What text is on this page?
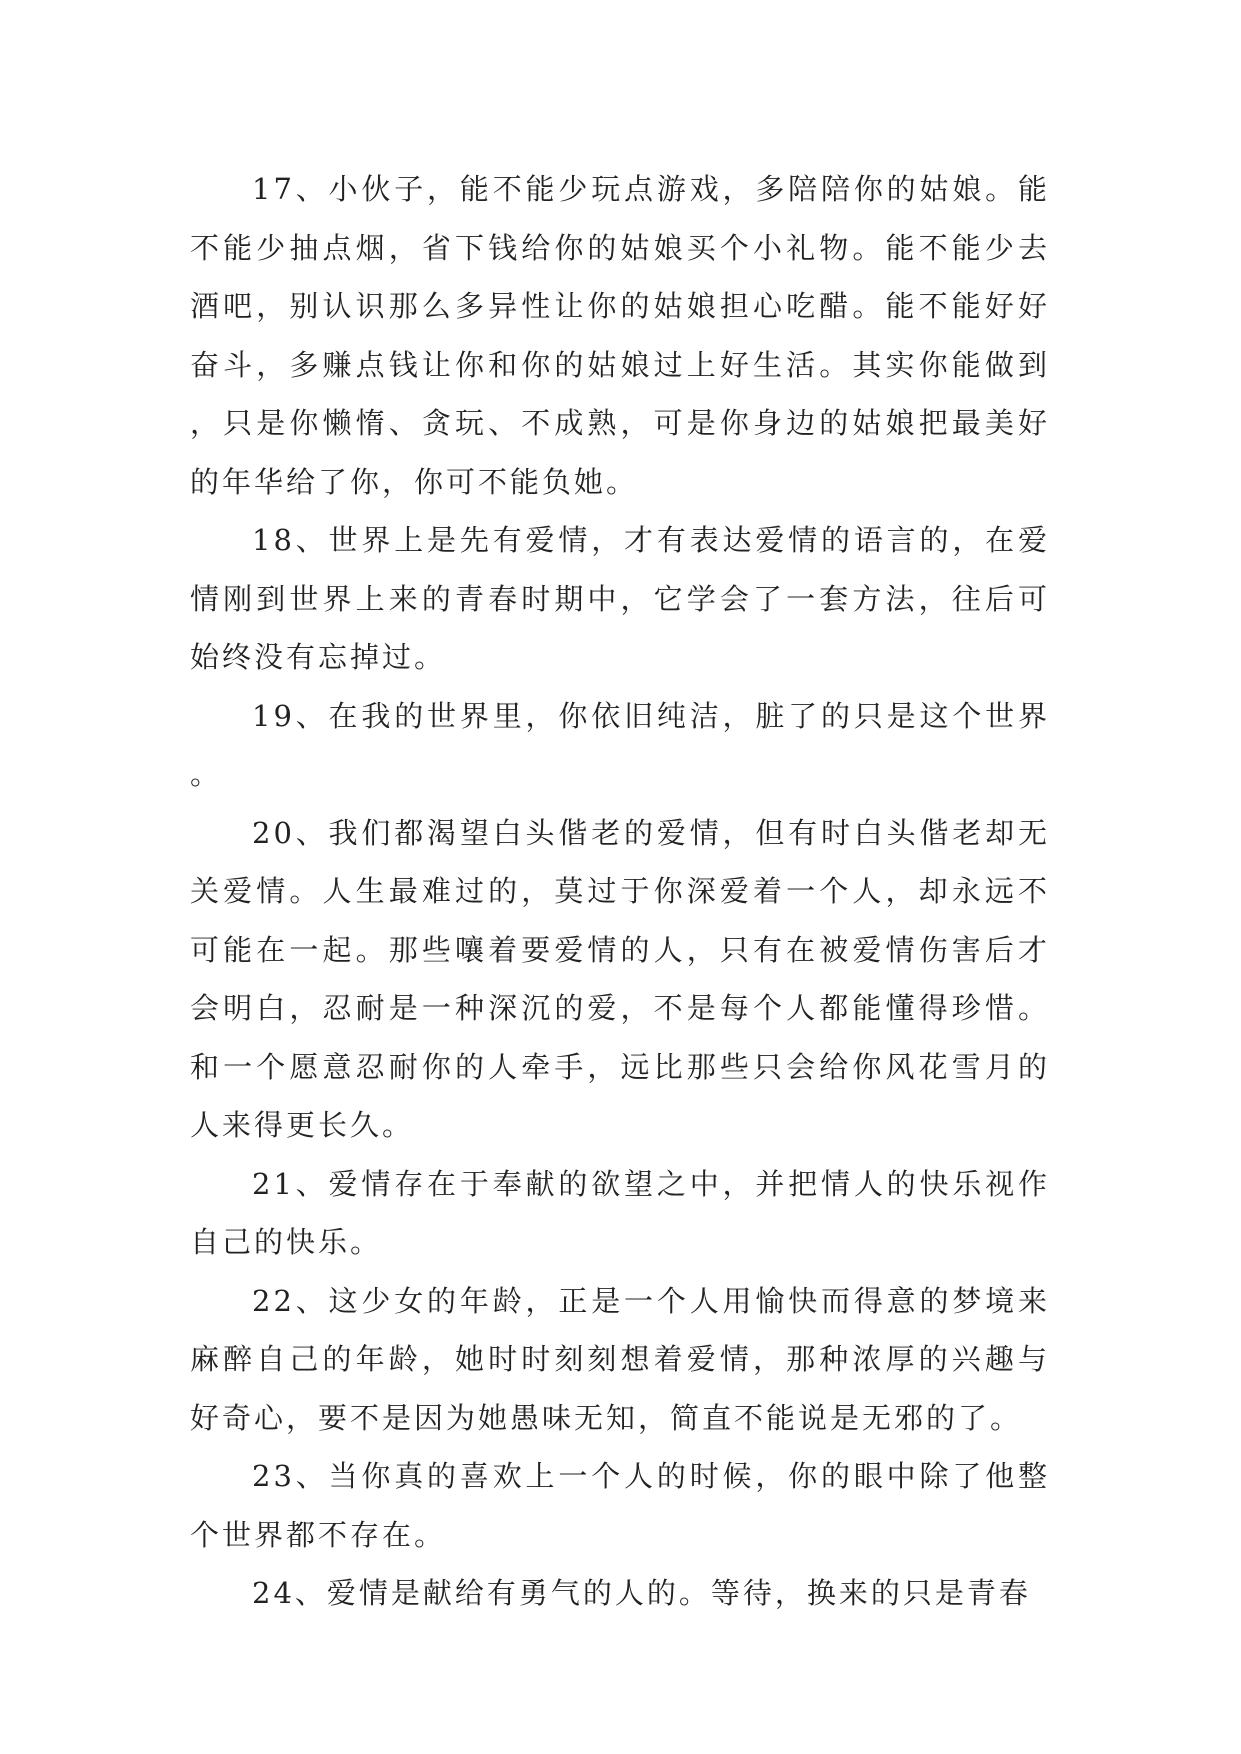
17、小伙子，能不能少玩点游戏，多陪陪你的姑娘。能不能少抽点烟，省下钱给你的姑娘买个小礼物。能不能少去酒吧，别认识那么多异性让你的姑娘担心吃醋。能不能好好奋斗，多赚点钱让你和你的姑娘过上好生活。其实你能做到，只是你懒惰、贪玩、不成熟，可是你身边的姑娘把最美好的年华给了你，你可不能负她。

18、世界上是先有爱情，才有表达爱情的语言的，在爱情刚到世界上来的青春时期中，它学会了一套方法，往后可始终没有忘掉过。

19、在我的世界里，你依旧纯洁，脏了的只是这个世界。

20、我们都渴望白头偕老的爱情，但有时白头偕老却无关爱情。人生最难过的，莫过于你深爱着一个人，却永远不可能在一起。那些嚷着要爱情的人，只有在被爱情伤害后才会明白，忍耐是一种深沉的爱，不是每个人都能懂得珍惜。和一个愿意忍耐你的人牵手，远比那些只会给你风花雪月的人来得更长久。

21、爱情存在于奉献的欲望之中，并把情人的快乐视作自己的快乐。

22、这少女的年龄，正是一个人用愉快而得意的梦境来麻醉自己的年龄，她时时刻刻想着爱情，那种浓厚的兴趣与好奇心，要不是因为她愚味无知，简直不能说是无邪的了。

23、当你真的喜欢上一个人的时候，你的眼中除了他整个世界都不存在。

24、爱情是献给有勇气的人的。等待，换来的只是青春
